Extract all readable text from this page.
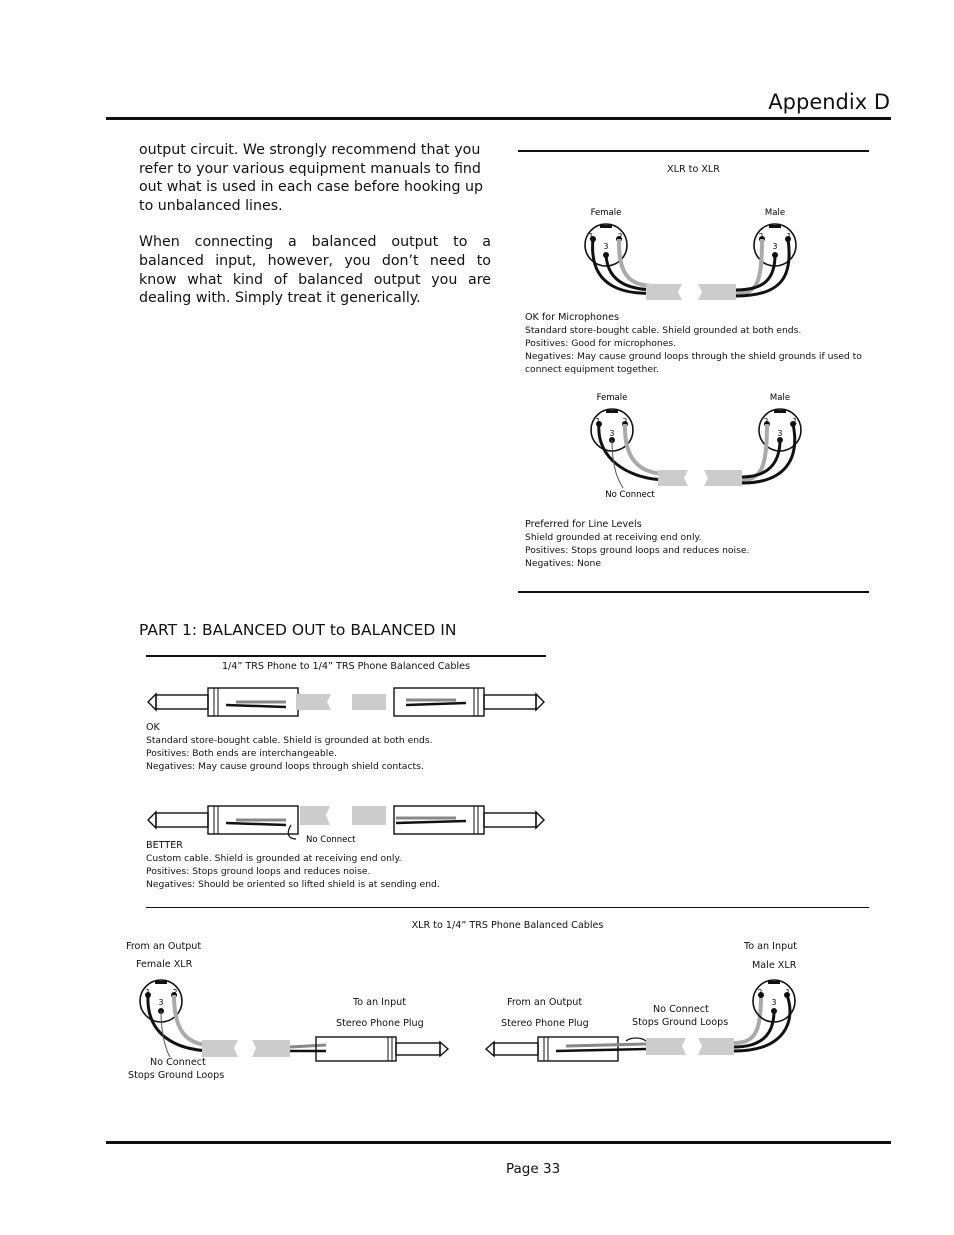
Appendix D

output circuit. We strongly recommend that you refer to your various equipment manuals to find out what is used in each case before hooking up to unbalanced lines.

When connecting a balanced output to a balanced input, however, you don’t need to know what kind of balanced output you are dealing with. Simply treat it generically.

XLR to XLR
Female	Male
1	2
3
2	1
3
OK for Microphones
Standard store-bought cable. Shield grounded at both ends.
Positives: Good for microphones.
Negatives: May cause ground loops through the shield grounds if used to
connect equipment together.
Female	Male
1	2
3
2	1
3
No Connect
Preferred for Line Levels
Shield grounded at receiving end only.
Positives: Stops ground loops and reduces noise.
Negatives: None
PART 1: BALANCED OUT to BALANCED IN
1/4” TRS Phone to 1/4” TRS Phone Balanced Cables
OK
Standard store-bought cable. Shield is grounded at both ends.
Positives: Both ends are interchangeable.
Negatives: May cause ground loops through shield contacts.
No Connect
BETTER
Custom cable. Shield is grounded at receiving end only.
Positives: Stops ground loops and reduces noise.
Negatives: Should be oriented so lifted shield is at sending end.
XLR to 1/4” TRS Phone Balanced Cables
From an Output
Female XLR
To an Input
Stereo Phone Plug
No Connect
Stops Ground Loops
From an Output
Stereo Phone Plug
No Connect
Stops Ground Loops
To an Input
Male XLR
1	2
3
2	1
3
Page 33
